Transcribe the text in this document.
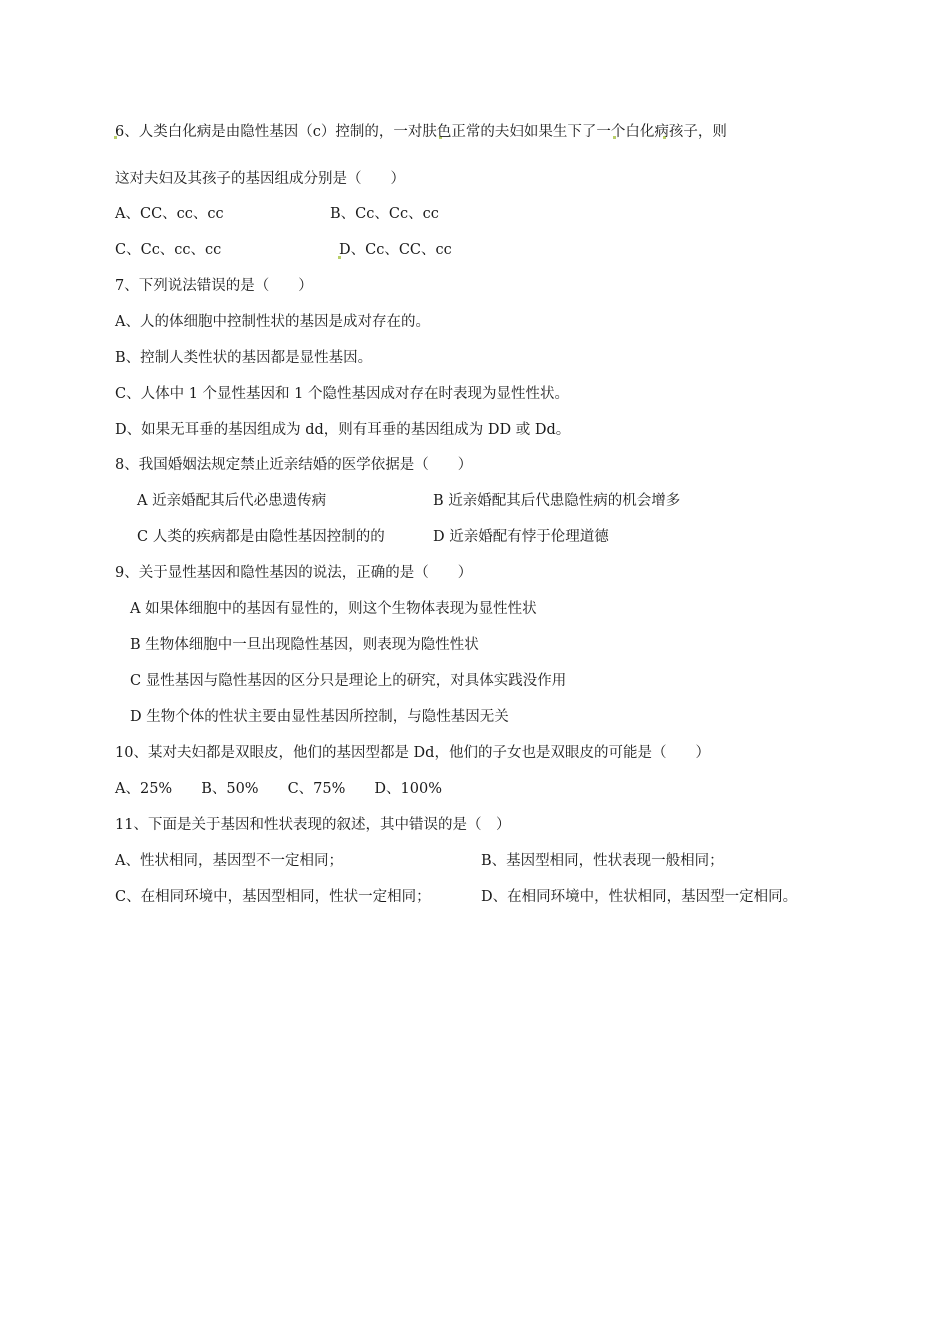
6、人类白化病是由隐性基因（c）控制的，一对肤色正常的夫妇如果生下了一个白化病孩子，则
这对夫妇及其孩子的基因组成分别是（　　）
A、CC、cc、cc	B、Cc、Cc、cc
C、Cc、cc、cc	D、Cc、CC、cc
7、下列说法错误的是（　　）
A、人的体细胞中控制性状的基因是成对存在的。
B、控制人类性状的基因都是显性基因。
C、人体中 1 个显性基因和 1 个隐性基因成对存在时表现为显性性状。
D、如果无耳垂的基因组成为 dd，则有耳垂的基因组成为 DD 或 Dd。
8、我国婚姻法规定禁止近亲结婚的医学依据是（　　）
A 近亲婚配其后代必患遗传病	B 近亲婚配其后代患隐性病的机会增多
C 人类的疾病都是由隐性基因控制的的	D 近亲婚配有悖于伦理道德
9、关于显性基因和隐性基因的说法，正确的是（　　）
A 如果体细胞中的基因有显性的，则这个生物体表现为显性性状
B 生物体细胞中一旦出现隐性基因，则表现为隐性性状
C 显性基因与隐性基因的区分只是理论上的研究，对具体实践没作用
D 生物个体的性状主要由显性基因所控制，与隐性基因无关
10、某对夫妇都是双眼皮，他们的基因型都是 Dd，他们的子女也是双眼皮的可能是（　　）
A、25%　　B、50%　　C、75%　　D、100%
11、下面是关于基因和性状表现的叙述，其中错误的是（　）
A、性状相同，基因型不一定相同；	B、基因型相同，性状表现一般相同；
C、在相同环境中，基因型相同，性状一定相同；	D、在相同环境中，性状相同，基因型一定相同。
